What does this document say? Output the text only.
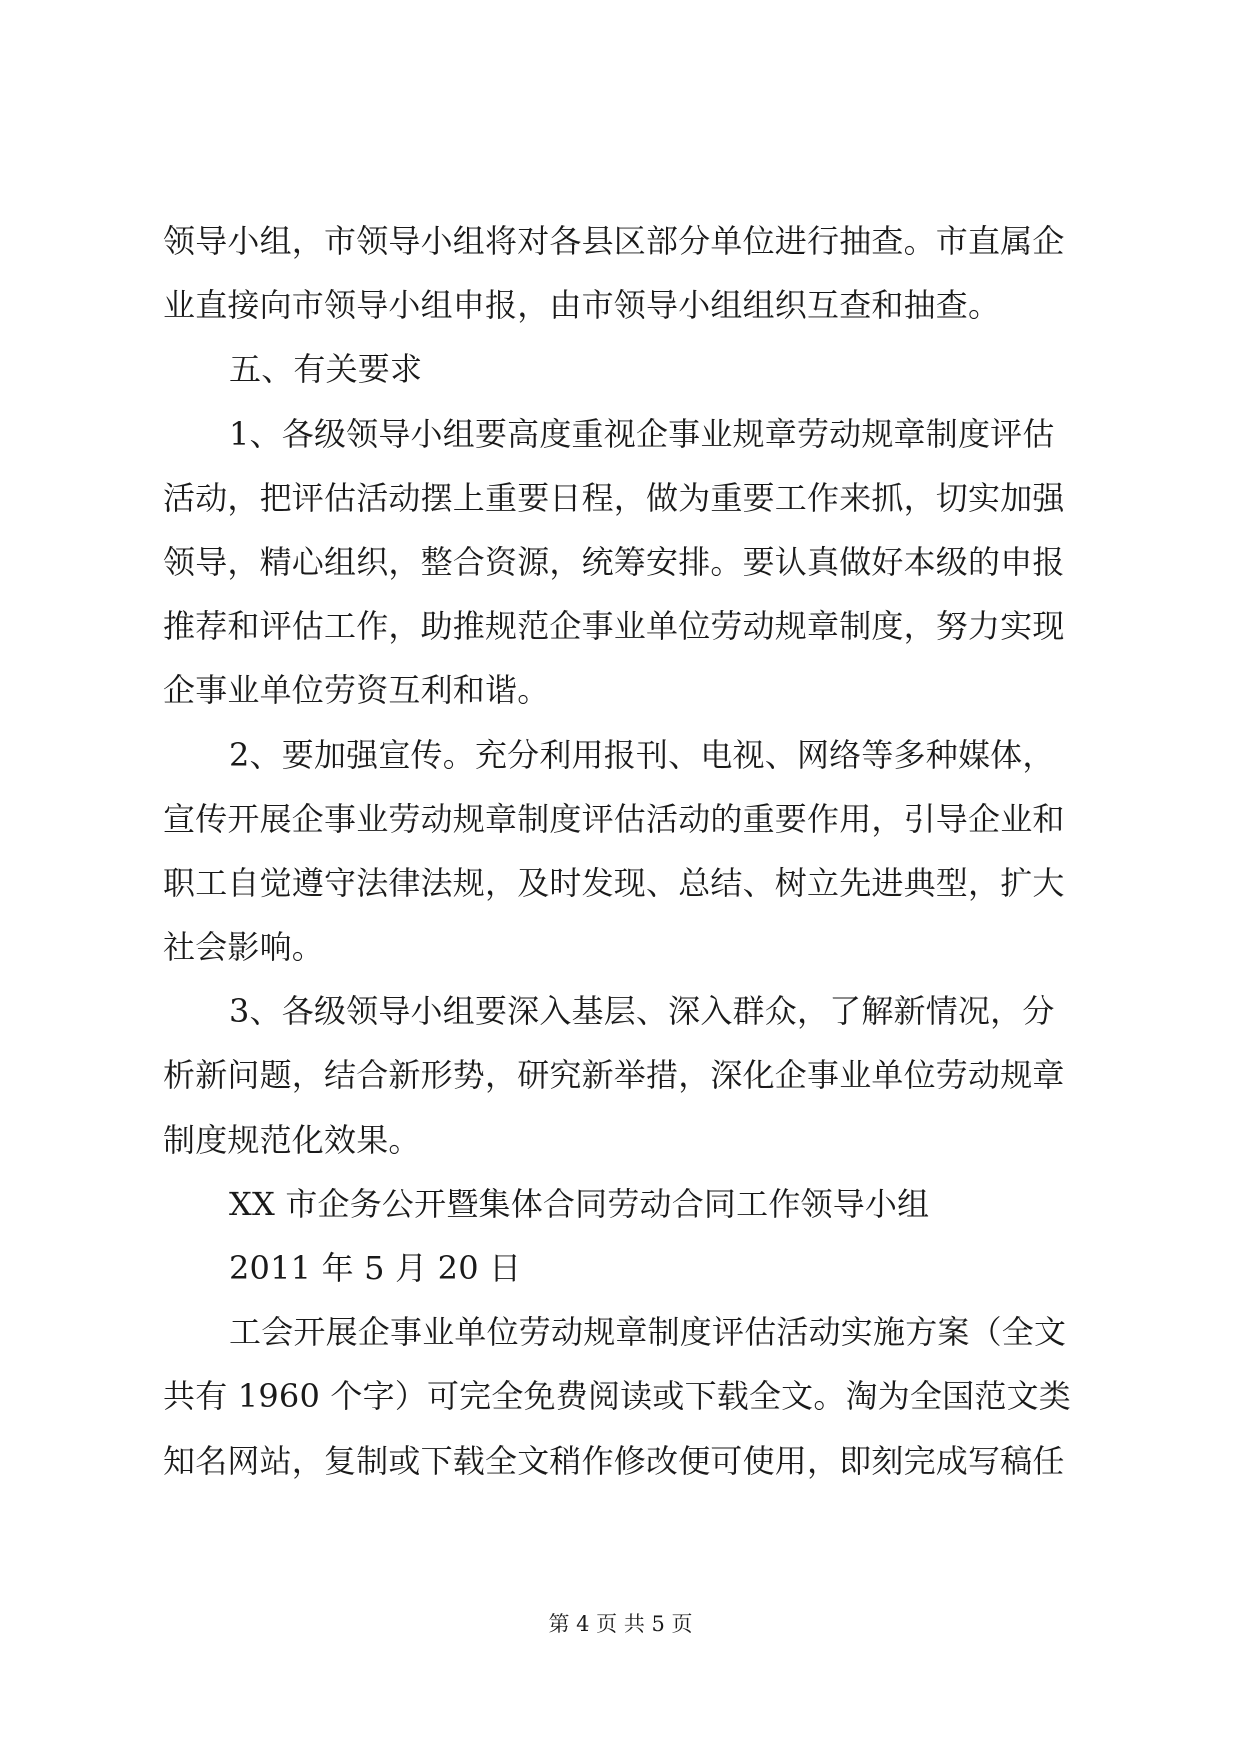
领导小组，市领导小组将对各县区部分单位进行抽查。市直属企
业直接向市领导小组申报，由市领导小组组织互查和抽查。
五、有关要求
1、各级领导小组要高度重视企事业规章劳动规章制度评估
活动，把评估活动摆上重要日程，做为重要工作来抓，切实加强
领导，精心组织，整合资源，统筹安排。要认真做好本级的申报
推荐和评估工作，助推规范企事业单位劳动规章制度，努力实现
企事业单位劳资互利和谐。
2、要加强宣传。充分利用报刊、电视、网络等多种媒体，
宣传开展企事业劳动规章制度评估活动的重要作用，引导企业和
职工自觉遵守法律法规，及时发现、总结、树立先进典型，扩大
社会影响。
3、各级领导小组要深入基层、深入群众，了解新情况，分
析新问题，结合新形势，研究新举措，深化企事业单位劳动规章
制度规范化效果。
XX 市企务公开暨集体合同劳动合同工作领导小组
2011 年 5 月 20 日
工会开展企事业单位劳动规章制度评估活动实施方案（全文
共有 1960 个字）可完全免费阅读或下载全文。淘为全国范文类
知名网站，复制或下载全文稍作修改便可使用，即刻完成写稿任
第 4 页 共 5 页
